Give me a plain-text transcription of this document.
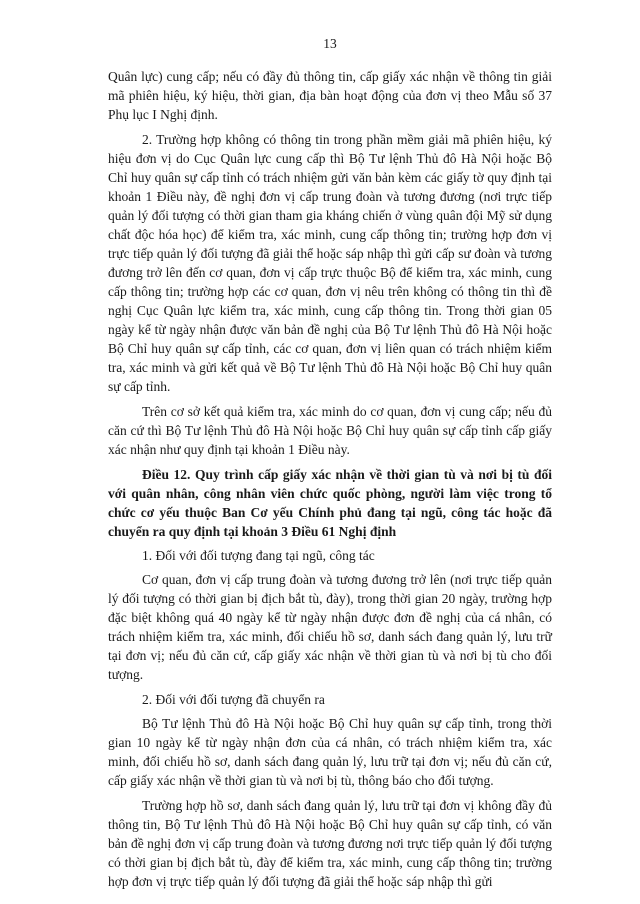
13

Quân lực) cung cấp; nếu có đầy đủ thông tin, cấp giấy xác nhận về thông tin giải mã phiên hiệu, ký hiệu, thời gian, địa bàn hoạt động của đơn vị theo Mẫu số 37 Phụ lục I Nghị định.

2. Trường hợp không có thông tin trong phần mềm giải mã phiên hiệu, ký hiệu đơn vị do Cục Quân lực cung cấp thì Bộ Tư lệnh Thủ đô Hà Nội hoặc Bộ Chỉ huy quân sự cấp tỉnh có trách nhiệm gửi văn bản kèm các giấy tờ quy định tại khoản 1 Điều này, đề nghị đơn vị cấp trung đoàn và tương đương (nơi trực tiếp quản lý đối tượng có thời gian tham gia kháng chiến ở vùng quân đội Mỹ sử dụng chất độc hóa học) để kiểm tra, xác minh, cung cấp thông tin; trường hợp đơn vị trực tiếp quản lý đối tượng đã giải thể hoặc sáp nhập thì gửi cấp sư đoàn và tương đương trở lên đến cơ quan, đơn vị cấp trực thuộc Bộ để kiểm tra, xác minh, cung cấp thông tin; trường hợp các cơ quan, đơn vị nêu trên không có thông tin thì đề nghị Cục Quân lực kiểm tra, xác minh, cung cấp thông tin. Trong thời gian 05 ngày kể từ ngày nhận được văn bản đề nghị của Bộ Tư lệnh Thủ đô Hà Nội hoặc Bộ Chỉ huy quân sự cấp tỉnh, các cơ quan, đơn vị liên quan có trách nhiệm kiểm tra, xác minh và gửi kết quả về Bộ Tư lệnh Thủ đô Hà Nội hoặc Bộ Chỉ huy quân sự cấp tỉnh.

Trên cơ sở kết quả kiểm tra, xác minh do cơ quan, đơn vị cung cấp; nếu đủ căn cứ thì Bộ Tư lệnh Thủ đô Hà Nội hoặc Bộ Chỉ huy quân sự cấp tỉnh cấp giấy xác nhận như quy định tại khoản 1 Điều này.

Điều 12. Quy trình cấp giấy xác nhận về thời gian tù và nơi bị tù đối với quân nhân, công nhân viên chức quốc phòng, người làm việc trong tổ chức cơ yếu thuộc Ban Cơ yếu Chính phủ đang tại ngũ, công tác hoặc đã chuyển ra quy định tại khoản 3 Điều 61 Nghị định

1. Đối với đối tượng đang tại ngũ, công tác

Cơ quan, đơn vị cấp trung đoàn và tương đương trở lên (nơi trực tiếp quản lý đối tượng có thời gian bị địch bắt tù, đày), trong thời gian 20 ngày, trường hợp đặc biệt không quá 40 ngày kể từ ngày nhận được đơn đề nghị của cá nhân, có trách nhiệm kiểm tra, xác minh, đối chiếu hồ sơ, danh sách đang quản lý, lưu trữ tại đơn vị; nếu đủ căn cứ, cấp giấy xác nhận về thời gian tù và nơi bị tù cho đối tượng.

2. Đối với đối tượng đã chuyển ra

Bộ Tư lệnh Thủ đô Hà Nội hoặc Bộ Chỉ huy quân sự cấp tỉnh, trong thời gian 10 ngày kể từ ngày nhận đơn của cá nhân, có trách nhiệm kiểm tra, xác minh, đối chiếu hồ sơ, danh sách đang quản lý, lưu trữ tại đơn vị; nếu đủ căn cứ, cấp giấy xác nhận về thời gian tù và nơi bị tù, thông báo cho đối tượng.

Trường hợp hồ sơ, danh sách đang quản lý, lưu trữ tại đơn vị không đầy đủ thông tin, Bộ Tư lệnh Thủ đô Hà Nội hoặc Bộ Chỉ huy quân sự cấp tỉnh, có văn bản đề nghị đơn vị cấp trung đoàn và tương đương nơi trực tiếp quản lý đối tượng có thời gian bị địch bắt tù, đày để kiểm tra, xác minh, cung cấp thông tin; trường hợp đơn vị trực tiếp quản lý đối tượng đã giải thể hoặc sáp nhập thì gửi
